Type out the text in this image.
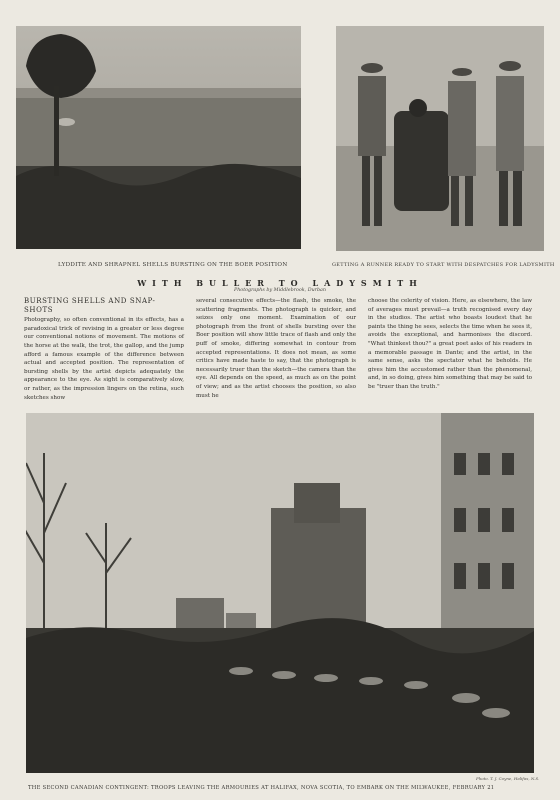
LYDDITE AND SHRAPNEL SHELLS BURSTING ON THE BOER POSITION	GETTING A RUNNER READY TO START WITH DESPATCHES FOR LADYSMITH
WITH BULLER TO LADYSMITH
Photographs by Middlebrook, Durban
BURSTING SHELLS AND SNAP-SHOTS

Photography, so often conventional in its effects, has a paradoxical trick of revising in a greater or less degree our conventional notions of movement. The motions of the horse at the walk, the trot, the gallop, and the jump afford a famous example of the difference between actual and accepted position. The representation of bursting shells by the artist depicts adequately the appearance to the eye. As sight is comparatively slow, or rather, as the impression lingers on the retina, such sketches show

several consecutive effects—the flash, the smoke, the scattering fragments. The photograph is quicker, and seizes only one moment. Examination of our photograph from the front of shells bursting over the Boer position will show little trace of flash and only the puff of smoke, differing somewhat in contour from accepted representations. It does not mean, as some critics have made haste to say, that the photograph is necessarily truer than the sketch—the camera than the eye. All depends on the speed, as much as on the point of view; and as the artist chooses the position, so also must he

choose the celerity of vision. Here, as elsewhere, the law of averages must prevail—a truth recognised every day in the studios. The artist who boasts loudest that he paints the thing he sees, selects the time when he sees it, avoids the exceptional, and harmonises the discord. "What thinkest thou?" a great poet asks of his readers in a memorable passage in Dante; and the artist, in the same sense, asks the spectator what he beholds. He gives him the accustomed rather than the phenomenal, and, in so doing, gives him something that may be said to be "truer than the truth."

Photo. T. J. Coyne, Halifax, N.S.
THE SECOND CANADIAN CONTINGENT: TROOPS LEAVING THE ARMOURIES AT HALIFAX, NOVA SCOTIA, TO EMBARK ON THE MILWAUKEE, FEBRUARY 21
